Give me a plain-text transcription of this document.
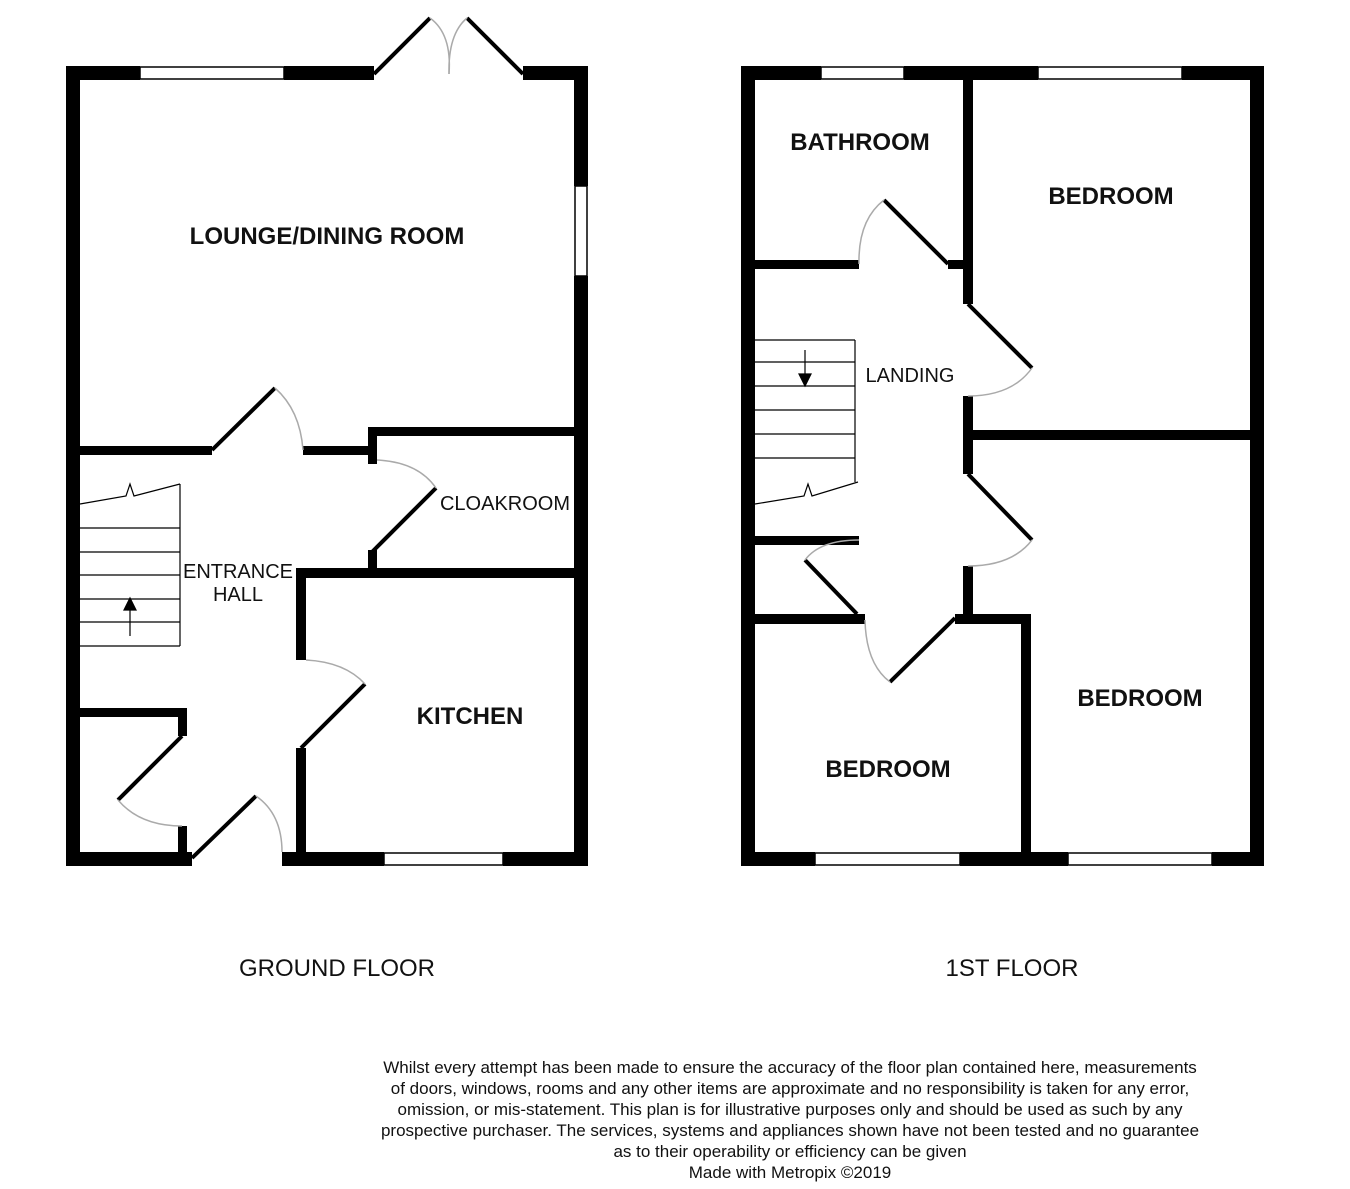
LOUNGE/DINING ROOM
CLOAKROOM
ENTRANCE
HALL
KITCHEN
GROUND FLOOR
BATHROOM
BEDROOM
LANDING
BEDROOM
BEDROOM
1ST FLOOR
Whilst every attempt has been made to ensure the accuracy of the floor plan contained here, measurements
of doors, windows, rooms and any other items are approximate and no responsibility is taken for any error,
omission, or mis-statement. This plan is for illustrative purposes only and should be used as such by any
prospective purchaser. The services, systems and appliances shown have not been tested and no guarantee
as to their operability or efficiency can be given
Made with Metropix ©2019
